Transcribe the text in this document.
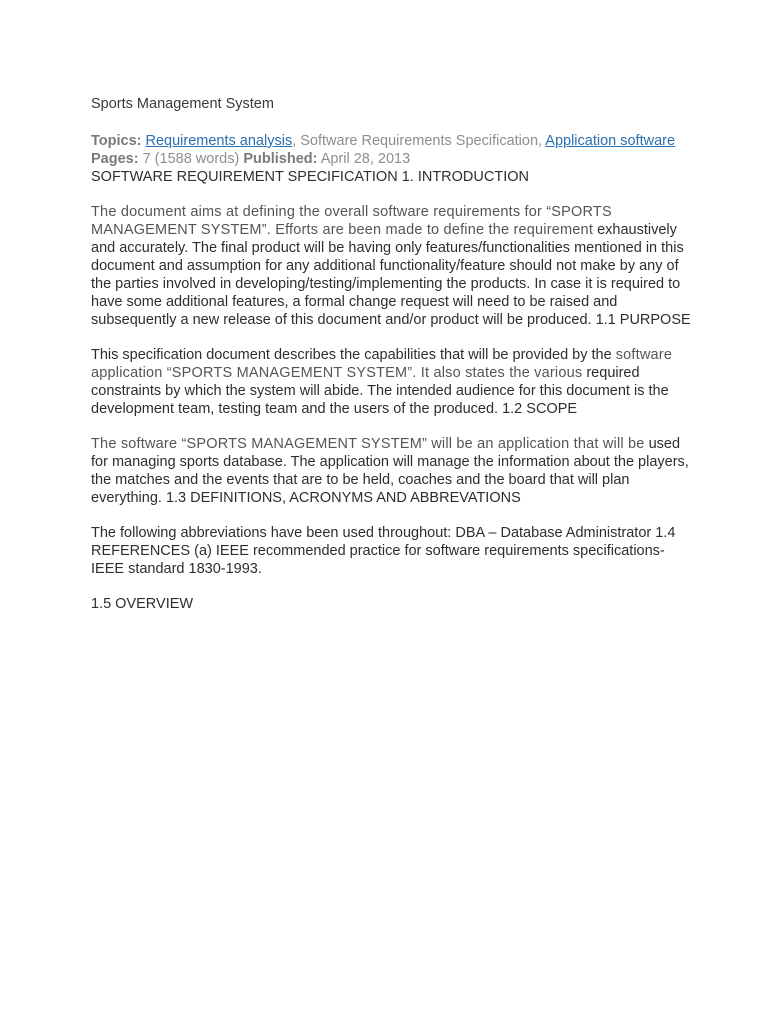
Sports Management System
Topics: Requirements analysis, Software Requirements Specification, Application software  Pages: 7 (1588 words) Published: April 28, 2013
SOFTWARE REQUIREMENT SPECIFICATION 1. INTRODUCTION

The document aims at defining the overall software requirements for “SPORTS MANAGEMENT SYSTEM”. Efforts are been made to define the requirement exhaustively and accurately. The final product will be having only features/functionalities mentioned in this document and assumption for any additional functionality/feature should not make by any of the parties involved in developing/testing/implementing the products. In case it is required to have some additional features, a formal change request will need to be raised and subsequently a new release of this document and/or product will be produced. 1.1 PURPOSE

This specification document describes the capabilities that will be provided by the software application “SPORTS MANAGEMENT SYSTEM”. It also states the various required constraints by which the system will abide. The intended audience for this document is the development team, testing team and the users of the produced. 1.2 SCOPE

The software “SPORTS MANAGEMENT SYSTEM” will be an application that will be used for managing sports database. The application will manage the information about the players, the matches and the events that are to be held, coaches and the board that will plan everything. 1.3 DEFINITIONS, ACRONYMS AND ABBREVATIONS

The following abbreviations have been used throughout: DBA – Database Administrator 1.4 REFERENCES (a) IEEE recommended practice for software requirements specifications-IEEE standard 1830-1993.

1.5 OVERVIEW
